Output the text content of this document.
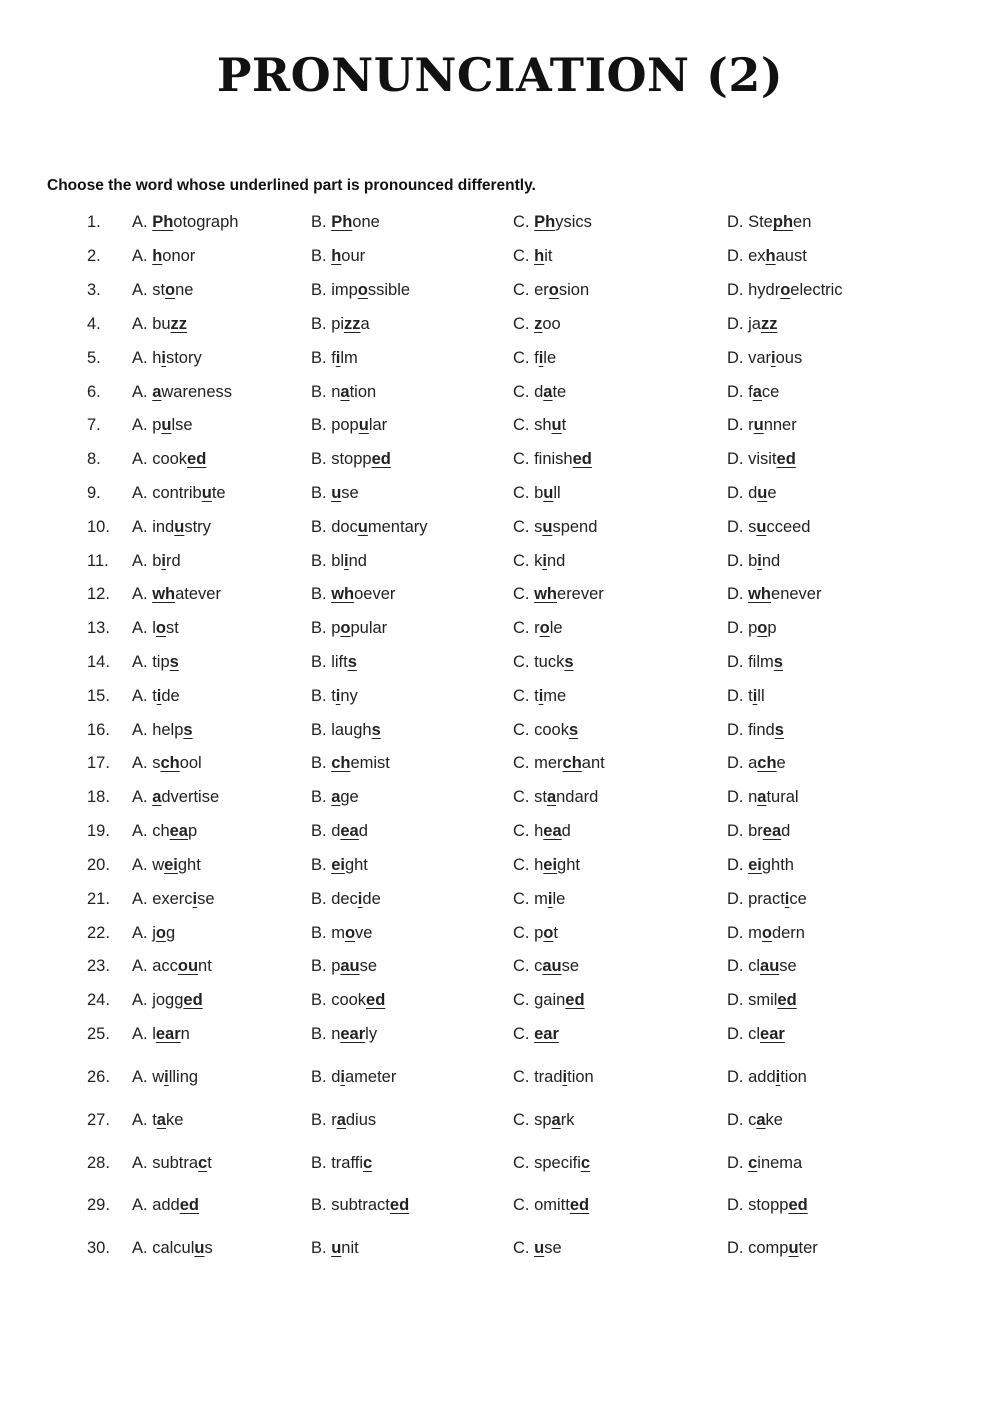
PRONUNCIATION (2)
Choose the word whose underlined part is pronounced differently.
1. A. Photograph	B. Phone	C. Physics	D. Stephen
2. A. honor	B. hour	C. hit	D. exhaust
3. A. stone	B. impossible	C. erosion	D. hydroelectric
4. A. buzz	B. pizza	C. zoo	D. jazz
5. A. history	B. film	C. file	D. various
6. A. awareness	B. nation	C. date	D. face
7. A. pulse	B. popular	C. shut	D. runner
8. A. cooked	B. stopped	C. finished	D. visited
9. A. contribute	B. use	C. bull	D. due
10. A. industry	B. documentary	C. suspend	D. succeed
11. A. bird	B. blind	C. kind	D. bind
12. A. whatever	B. whoever	C. wherever	D. whenever
13. A. lost	B. popular	C. role	D. pop
14. A. tips	B. lifts	C. tucks	D. films
15. A. tide	B. tiny	C. time	D. till
16. A. helps	B. laughs	C. cooks	D. finds
17. A. school	B. chemist	C. merchant	D. ache
18. A. advertise	B. age	C. standard	D. natural
19. A. cheap	B. dead	C. head	D. bread
20. A. weight	B. eight	C. height	D. eighth
21. A. exercise	B. decide	C. mile	D. practice
22. A. jog	B. move	C. pot	D. modern
23. A. account	B. pause	C. cause	D. clause
24. A. jogged	B. cooked	C. gained	D. smiled
25. A. learn	B. nearly	C. ear	D. clear
26. A. willing	B. diameter	C. tradition	D. addition
27. A. take	B. radius	C. spark	D. cake
28. A. subtract	B. traffic	C. specific	D. cinema
29. A. added	B. subtracted	C. omitted	D. stopped
30. A. calculus	B. unit	C. use	D. computer
